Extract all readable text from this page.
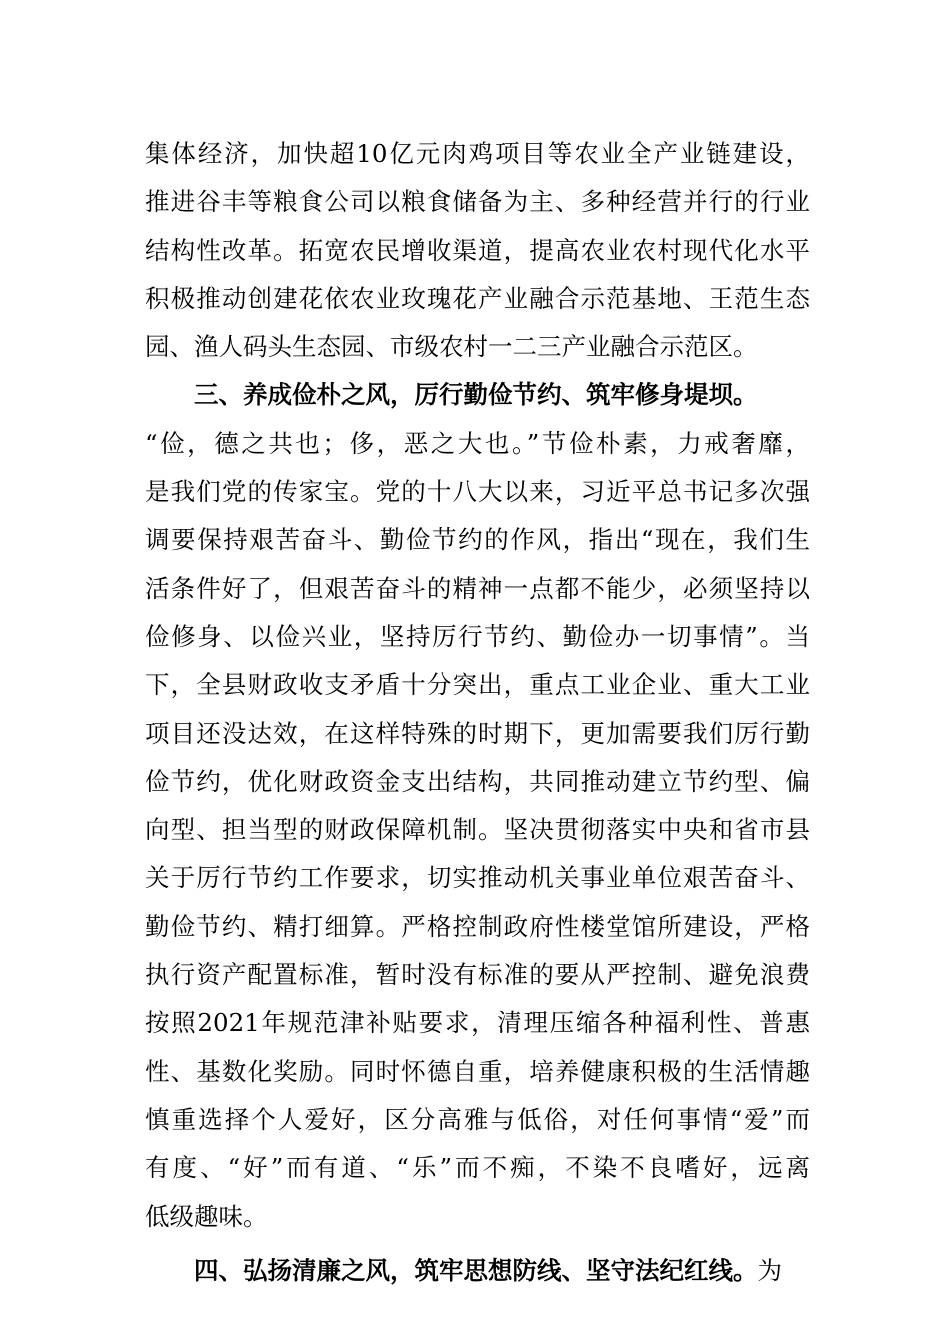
集体经济，加快超10亿元肉鸡项目等农业全产业链建设，
推进谷丰等粮食公司以粮食储备为主、多种经营并行的行业
结构性改革。拓宽农民增收渠道，提高农业农村现代化水平
积极推动创建花依农业玫瑰花产业融合示范基地、王范生态
园、渔人码头生态园、市级农村一二三产业融合示范区。
三、养成俭朴之风，厉行勤俭节约、筑牢修身堤坝。
“俭，德之共也；侈，恶之大也。”节俭朴素，力戒奢靡，
是我们党的传家宝。党的十八大以来，习近平总书记多次强
调要保持艰苦奋斗、勤俭节约的作风，指出“现在，我们生
活条件好了，但艰苦奋斗的精神一点都不能少，必须坚持以
俭修身、以俭兴业，坚持厉行节约、勤俭办一切事情”。当
下，全县财政收支矛盾十分突出，重点工业企业、重大工业
项目还没达效，在这样特殊的时期下，更加需要我们厉行勤
俭节约，优化财政资金支出结构，共同推动建立节约型、偏
向型、担当型的财政保障机制。坚决贯彻落实中央和省市县
关于厉行节约工作要求，切实推动机关事业单位艰苦奋斗、
勤俭节约、精打细算。严格控制政府性楼堂馆所建设，严格
执行资产配置标准，暂时没有标准的要从严控制、避免浪费
按照2021年规范津补贴要求，清理压缩各种福利性、普惠
性、基数化奖励。同时怀德自重，培养健康积极的生活情趣
慎重选择个人爱好，区分高雅与低俗，对任何事情“爱”而
有度、“好”而有道、“乐”而不痴，不染不良嗜好，远离
低级趣味。
四、弘扬清廉之风，筑牢思想防线、坚守法纪红线。为
